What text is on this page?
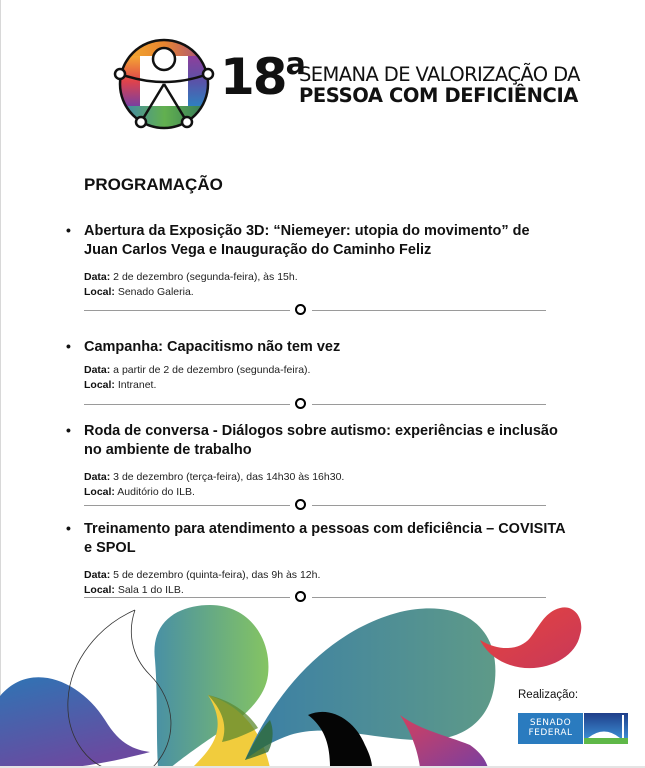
18$^a$
SEMANA DE VALORIZAÇÃO DA
PESSOA COM DEFICIÊNCIA
PROGRAMAÇÃO
• Abertura da Exposição 3D: “Niemeyer: utopia do movimento” de Juan Carlos Vega e Inauguração do Caminho Feliz
Data: 2 de dezembro (segunda-feira), às 15h.
Local: Senado Galeria.
• Campanha: Capacitismo não tem vez
Data: a partir de 2 de dezembro (segunda-feira).
Local: Intranet.
• Roda de conversa - Diálogos sobre autismo: experiências e inclusão no ambiente de trabalho
Data: 3 de dezembro (terça-feira), das 14h30 às 16h30.
Local: Auditório do ILB.
• Treinamento para atendimento a pessoas com deficiência – COVISITA e SPOL
Data: 5 de dezembro (quinta-feira), das 9h às 12h.
Local: Sala 1 do ILB.
Realização:
SENADO
FEDERAL
